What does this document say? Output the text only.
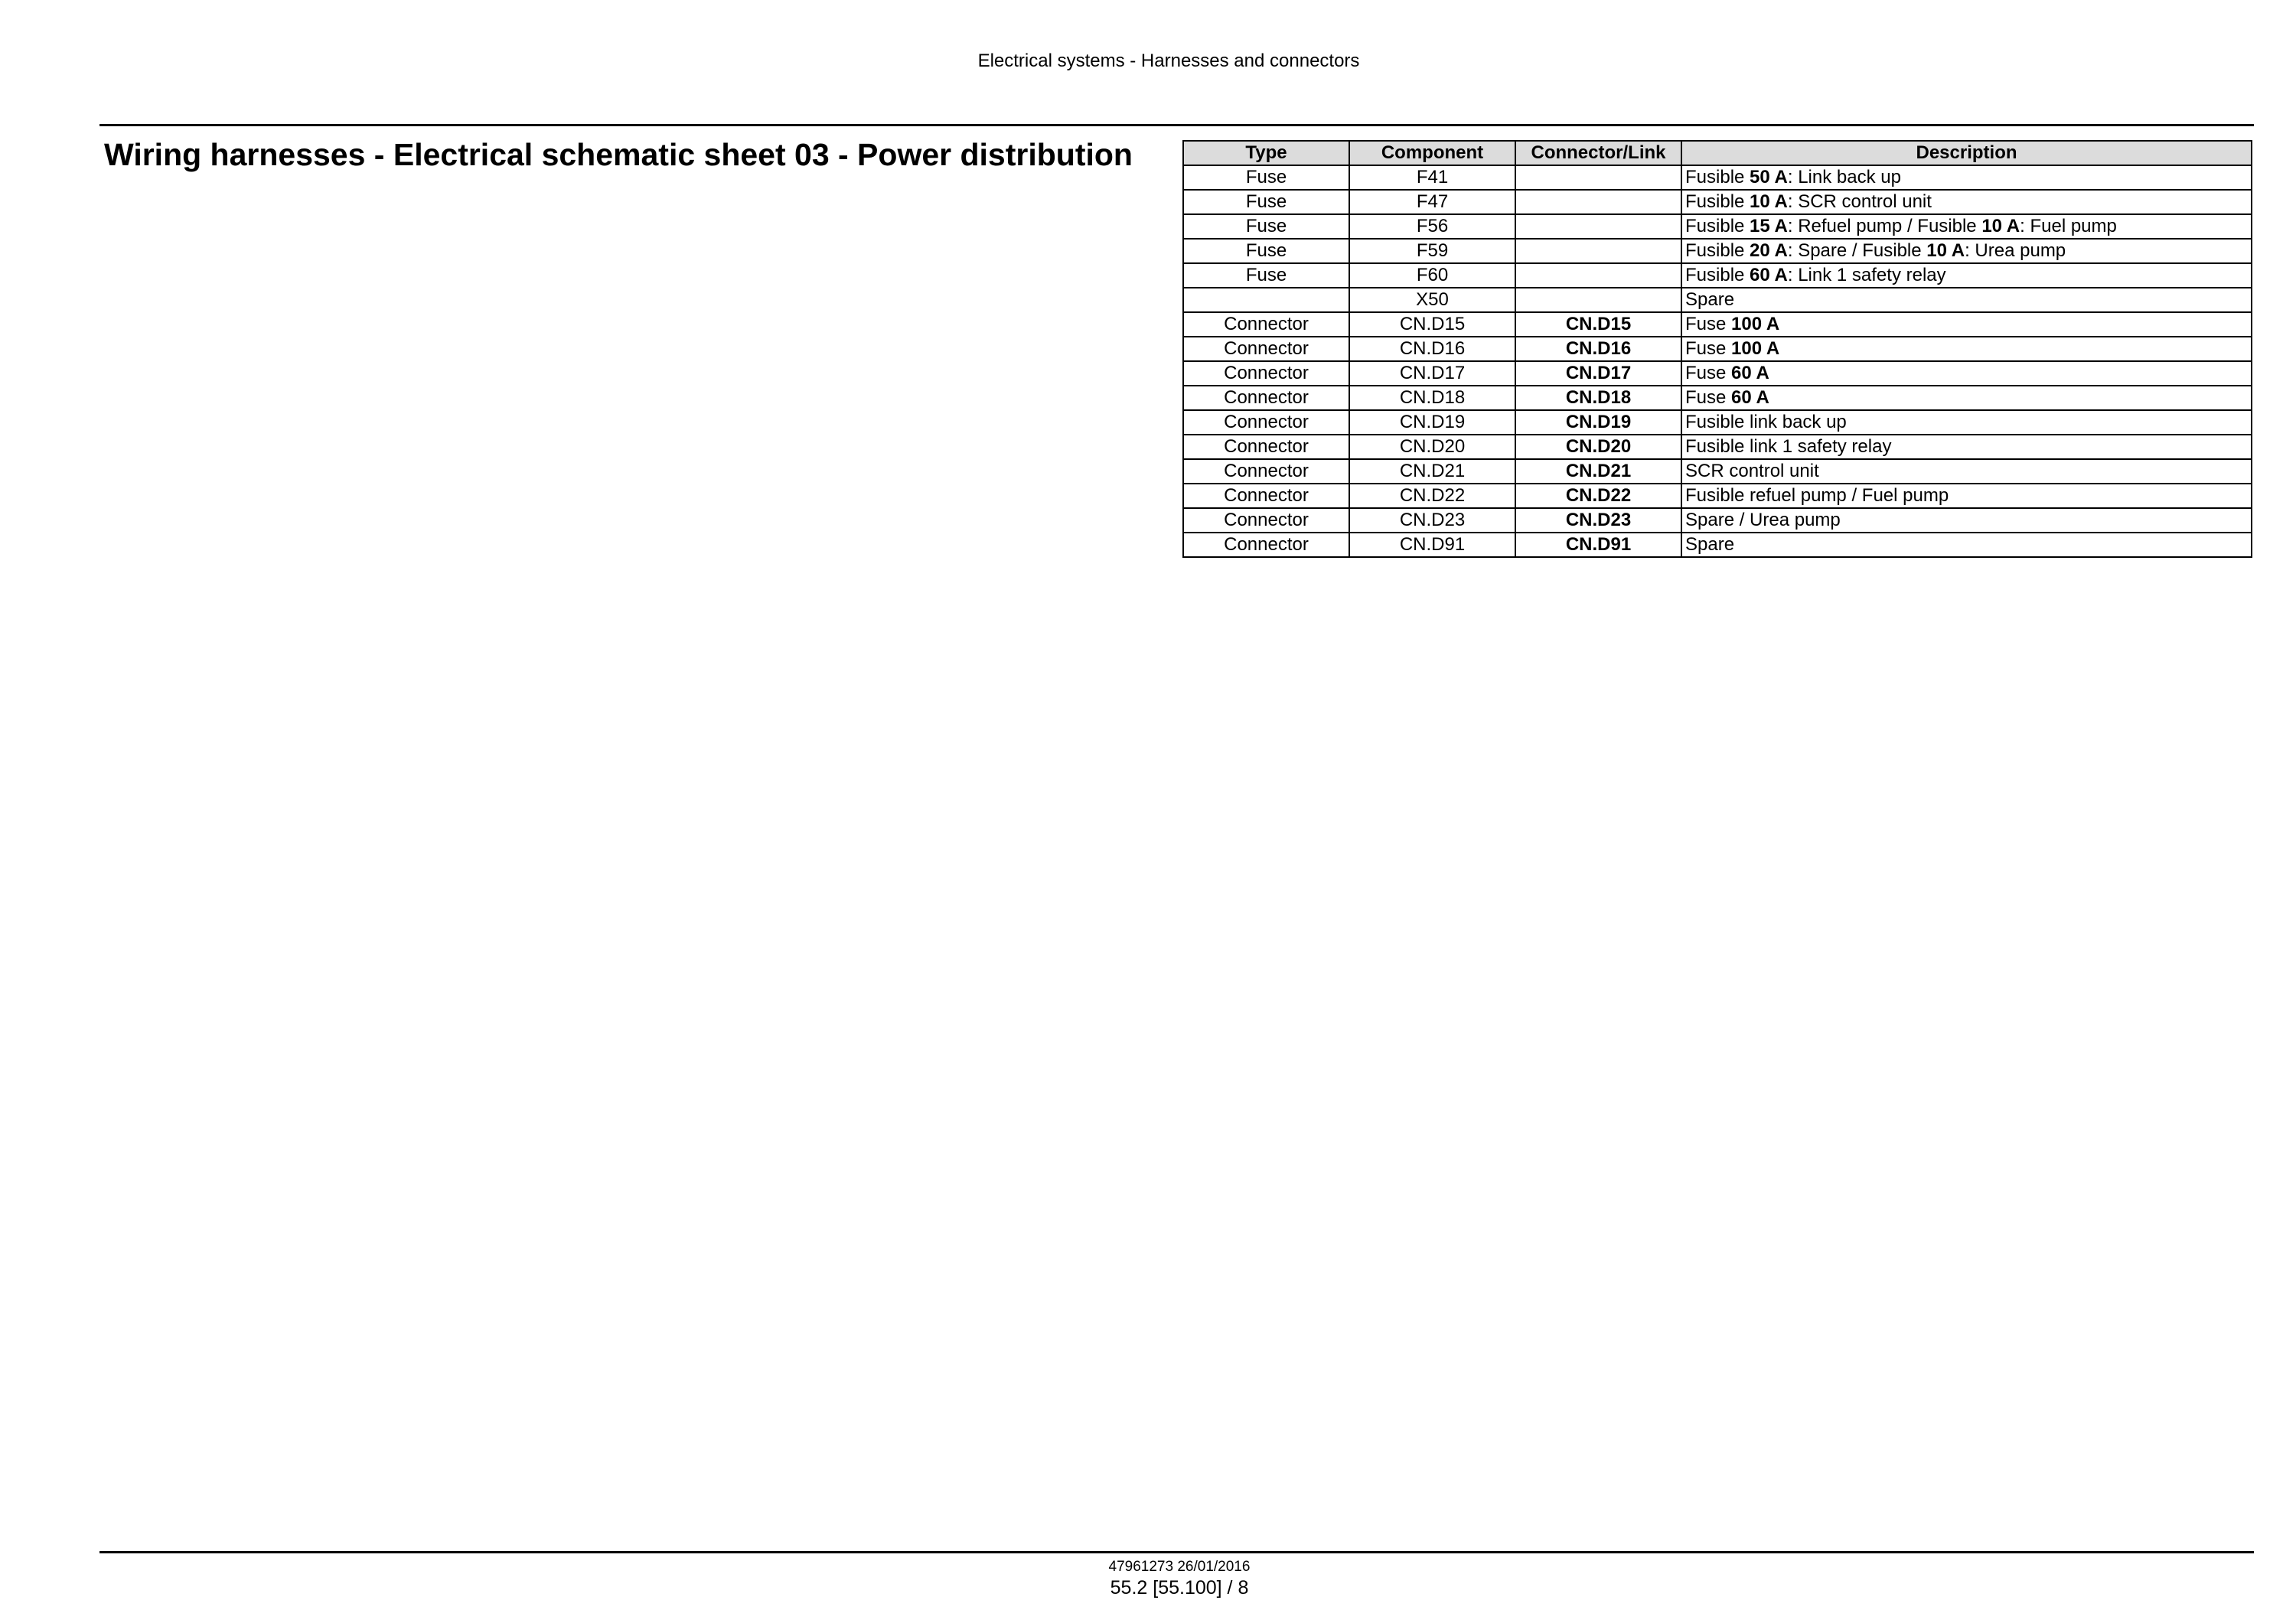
Electrical systems - Harnesses and connectors
Wiring harnesses - Electrical schematic sheet 03 - Power distribution	Type	Component	Connector/Link	Description
Fuse	F41		Fusible 50 A: Link back up
Fuse	F47		Fusible 10 A: SCR control unit
Fuse	F56		Fusible 15 A: Refuel pump / Fusible 10 A: Fuel pump
Fuse	F59		Fusible 20 A: Spare / Fusible 10 A: Urea pump
Fuse	F60		Fusible 60 A: Link 1 safety relay
	X50		Spare
Connector	CN.D15	CN.D15	Fuse 100 A
Connector	CN.D16	CN.D16	Fuse 100 A
Connector	CN.D17	CN.D17	Fuse 60 A
Connector	CN.D18	CN.D18	Fuse 60 A
Connector	CN.D19	CN.D19	Fusible link back up
Connector	CN.D20	CN.D20	Fusible link 1 safety relay
Connector	CN.D21	CN.D21	SCR control unit
Connector	CN.D22	CN.D22	Fusible refuel pump / Fuel pump
Connector	CN.D23	CN.D23	Spare / Urea pump
Connector	CN.D91	CN.D91	Spare
47961273 26/01/2016
55.2 [55.100] / 8
